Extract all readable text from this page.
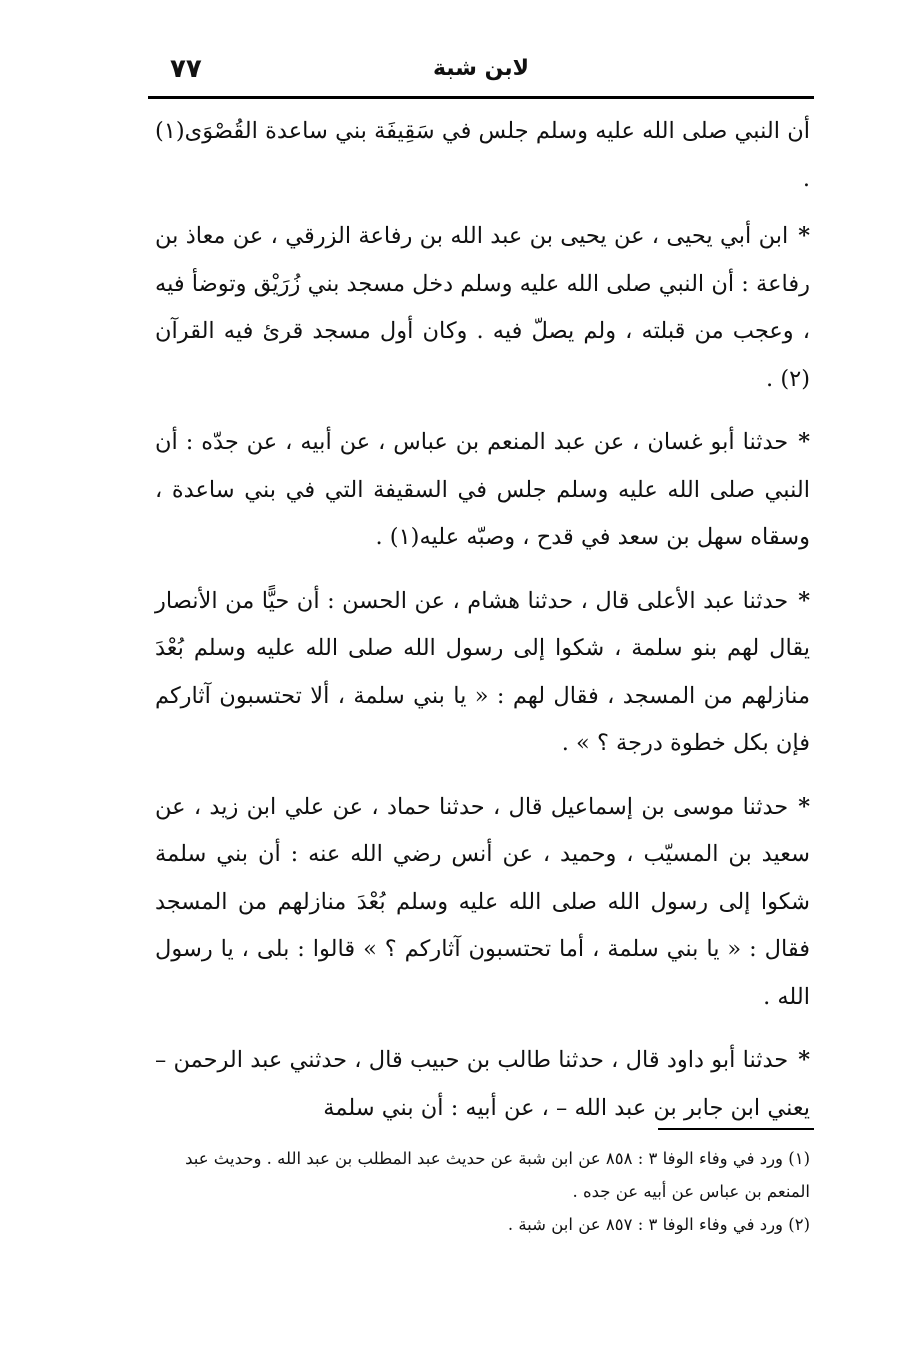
لابن شبة
٧٧

أن النبي صلى الله عليه وسلم جلس في سَقِيفَة بني ساعدة القُصْوَى(١) .

*ابن أبي يحيى ، عن يحيى بن عبد الله بن رفاعة الزرقي ، عن معاذ بن رفاعة : أن النبي صلى الله عليه وسلم دخل مسجد بني زُرَيْق وتوضأ فيه ، وعجب من قبلته ، ولم يصلّ فيه . وكان أول مسجد قرئ فيه القرآن (٢) .

*حدثنا أبو غسان ، عن عبد المنعم بن عباس ، عن أبيه ، عن جدّه : أن النبي صلى الله عليه وسلم جلس في السقيفة التي في بني ساعدة ، وسقاه سهل بن سعد في قدح ، وصبّه عليه(١) .

*حدثنا عبد الأعلى قال ، حدثنا هشام ، عن الحسن : أن حيًّا من الأنصار يقال لهم بنو سلمة ، شكوا إلى رسول الله صلى الله عليه وسلم بُعْدَ منازلهم من المسجد ، فقال لهم : « يا بني سلمة ، ألا تحتسبون آثاركم فإن بكل خطوة درجة ؟ » .

*حدثنا موسى بن إسماعيل قال ، حدثنا حماد ، عن علي ابن زيد ، عن سعيد بن المسيّب ، وحميد ، عن أنس رضي الله عنه : أن بني سلمة شكوا إلى رسول الله صلى الله عليه وسلم بُعْدَ منازلهم من المسجد فقال : « يا بني سلمة ، أما تحتسبون آثاركم ؟ » قالوا : بلى ، يا رسول الله .

*حدثنا أبو داود قال ، حدثنا طالب بن حبيب قال ، حدثني عبد الرحمن – يعني ابن جابر بن عبد الله – ، عن أبيه : أن بني سلمة

(١) ورد في وفاء الوفا ٣ : ٨٥٨ عن ابن شبة عن حديث عبد المطلب بن عبد الله . وحديث عبد المنعم بن عباس عن أبيه عن جده .

(٢) ورد في وفاء الوفا ٣ : ٨٥٧ عن ابن شبة .
